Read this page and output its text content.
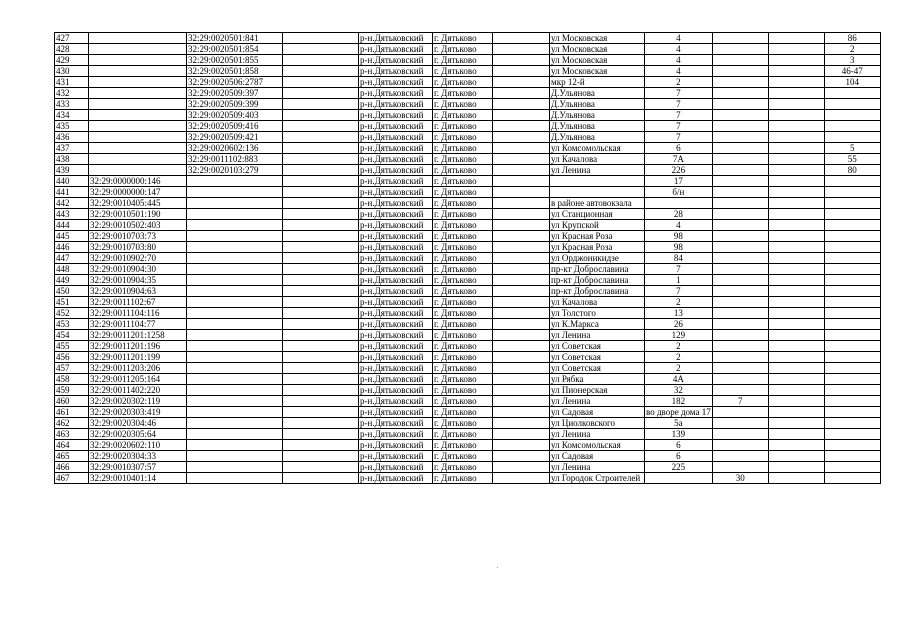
427		32:29:0020501:841		р-н.Дятьковский	г. Дятьково		ул Московская	4			86
428		32:29:0020501:854		р-н.Дятьковский	г. Дятьково		ул Московская	4			2
429		32:29:0020501:855		р-н.Дятьковский	г. Дятьково		ул Московская	4			3
430		32:29:0020501:858		р-н.Дятьковский	г. Дятьково		ул Московская	4			46-47
431		32:29:0020506:2787		р-н.Дятьковский	г. Дятьково		мкр 12-й	2			104
432		32:29:0020509:397		р-н.Дятьковский	г. Дятьково		Д.Ульянова	7			
433		32:29:0020509:399		р-н.Дятьковский	г. Дятьково		Д.Ульянова	7			
434		32:29:0020509:403		р-н.Дятьковский	г. Дятьково		Д.Ульянова	7			
435		32:29:0020509:416		р-н.Дятьковский	г. Дятьково		Д.Ульянова	7			
436		32:29:0020509:421		р-н.Дятьковский	г. Дятьково		Д.Ульянова	7			
437		32:29:0020602:136		р-н.Дятьковский	г. Дятьково		ул Комсомольская	6			5
438		32:29:0011102:883		р-н.Дятьковский	г. Дятьково		ул Качалова	7А			55
439		32:29:0020103:279		р-н.Дятьковский	г. Дятьково		ул Ленина	226			80
440	32:29:0000000:146			р-н.Дятьковский	г. Дятьково			17			
441	32:29:0000000:147			р-н.Дятьковский	г. Дятьково			б/н			
442	32:29:0010405:445			р-н.Дятьковский	г. Дятьково		в районе автовокзала				
443	32:29:0010501:190			р-н.Дятьковский	г. Дятьково		ул Станционная	28			
444	32:29:0010502:403			р-н.Дятьковский	г. Дятьково		ул Крупской	4			
445	32:29:0010703:73			р-н.Дятьковский	г. Дятьково		ул Красная Роза	98			
446	32:29:0010703:80			р-н.Дятьковский	г. Дятьково		ул Красная Роза	98			
447	32:29:0010902:70			р-н.Дятьковский	г. Дятьково		ул Орджоникидзе	84			
448	32:29:0010904:30			р-н.Дятьковский	г. Дятьково		пр-кт Доброславина	7			
449	32:29:0010904:35			р-н.Дятьковский	г. Дятьково		пр-кт Доброславина	1			
450	32:29:0010904:63			р-н.Дятьковский	г. Дятьково		пр-кт Доброславина	7			
451	32:29:0011102:67			р-н.Дятьковский	г. Дятьково		ул Качалова	2			
452	32:29:0011104:116			р-н.Дятьковский	г. Дятьково		ул Толстого	13			
453	32:29:0011104:77			р-н.Дятьковский	г. Дятьково		ул К.Маркса	26			
454	32:29:0011201:1258			р-н.Дятьковский	г. Дятьково		ул Ленина	129			
455	32:29:0011201:196			р-н.Дятьковский	г. Дятьково		ул Советская	2			
456	32:29:0011201:199			р-н.Дятьковский	г. Дятьково		ул Советская	2			
457	32:29:0011203:206			р-н.Дятьковский	г. Дятьково		ул Советская	2			
458	32:29:0011205:164			р-н.Дятьковский	г. Дятьково		ул Рябка	4А			
459	32:29:0011402:220			р-н.Дятьковский	г. Дятьково		ул Пионерская	32			
460	32:29:0020302:119			р-н.Дятьковский	г. Дятьково		ул Ленина	182	7		
461	32:29:0020303:419			р-н.Дятьковский	г. Дятьково		ул Садовая	во дворе дома 17			
462	32:29:0020304:46			р-н.Дятьковский	г. Дятьково		ул Циолковского	5а			
463	32:29:0020305:64			р-н.Дятьковский	г. Дятьково		ул Ленина	139			
464	32:29:0020602:110			р-н.Дятьковский	г. Дятьково		ул Комсомольская	6			
465	32:29:0020304:33			р-н.Дятьковский	г. Дятьково		ул Садовая	6			
466	32:29:0010307:57			р-н.Дятьковский	г. Дятьково		ул Ленина	225			
467	32:29:0010401:14			р-н.Дятьковский	г. Дятьково		ул Городок Строителей		30		
